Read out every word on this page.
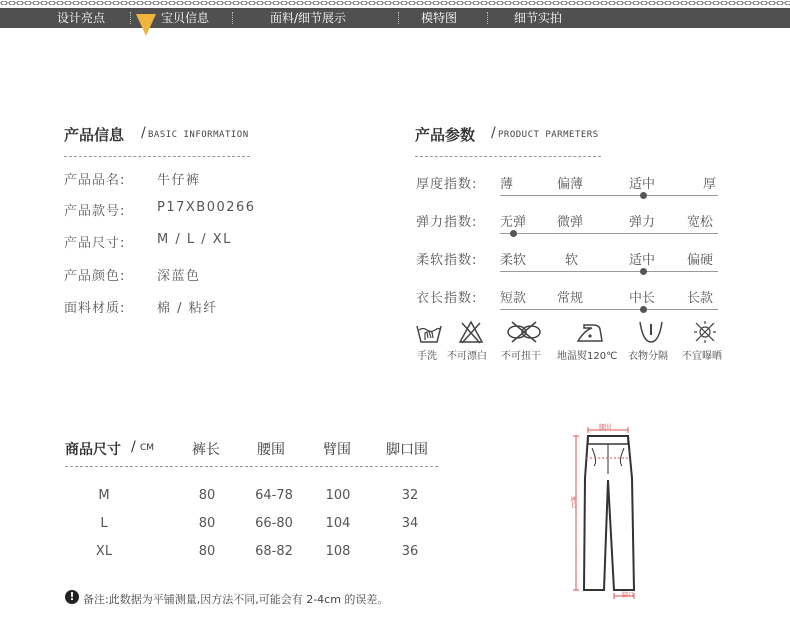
设计亮点	宝贝信息	面料/细节展示	模特图	细节实拍
产品信息 / BASIC INFORMATION
产品品名: 牛仔裤
产品款号: P17XB00266
产品尺寸: M / L / XL
产品颜色: 深蓝色
面料材质: 棉 / 粘纤
产品参数 / PRODUCT PARMETERS
厚度指数: 薄	偏薄	适中	厚
弹力指数: 无弹 微弹	弹力 宽松
柔软指数: 柔软	软	适中 偏硬
衣长指数: 短款 常规	中长 长款
手洗 不可漂白 不可扭干 地温熨120℃ 衣物分隔 不宜曝晒
商品尺寸 / CM	裤长	腰围	臂围	脚口围
M	80	64-78	100	32
L	80	66-80	104	34
XL	80	68-82	108	36
腰围
裤长
脚口
! 备注:此数据为平铺测量,因方法不同,可能会有 2-4cm 的误差。
